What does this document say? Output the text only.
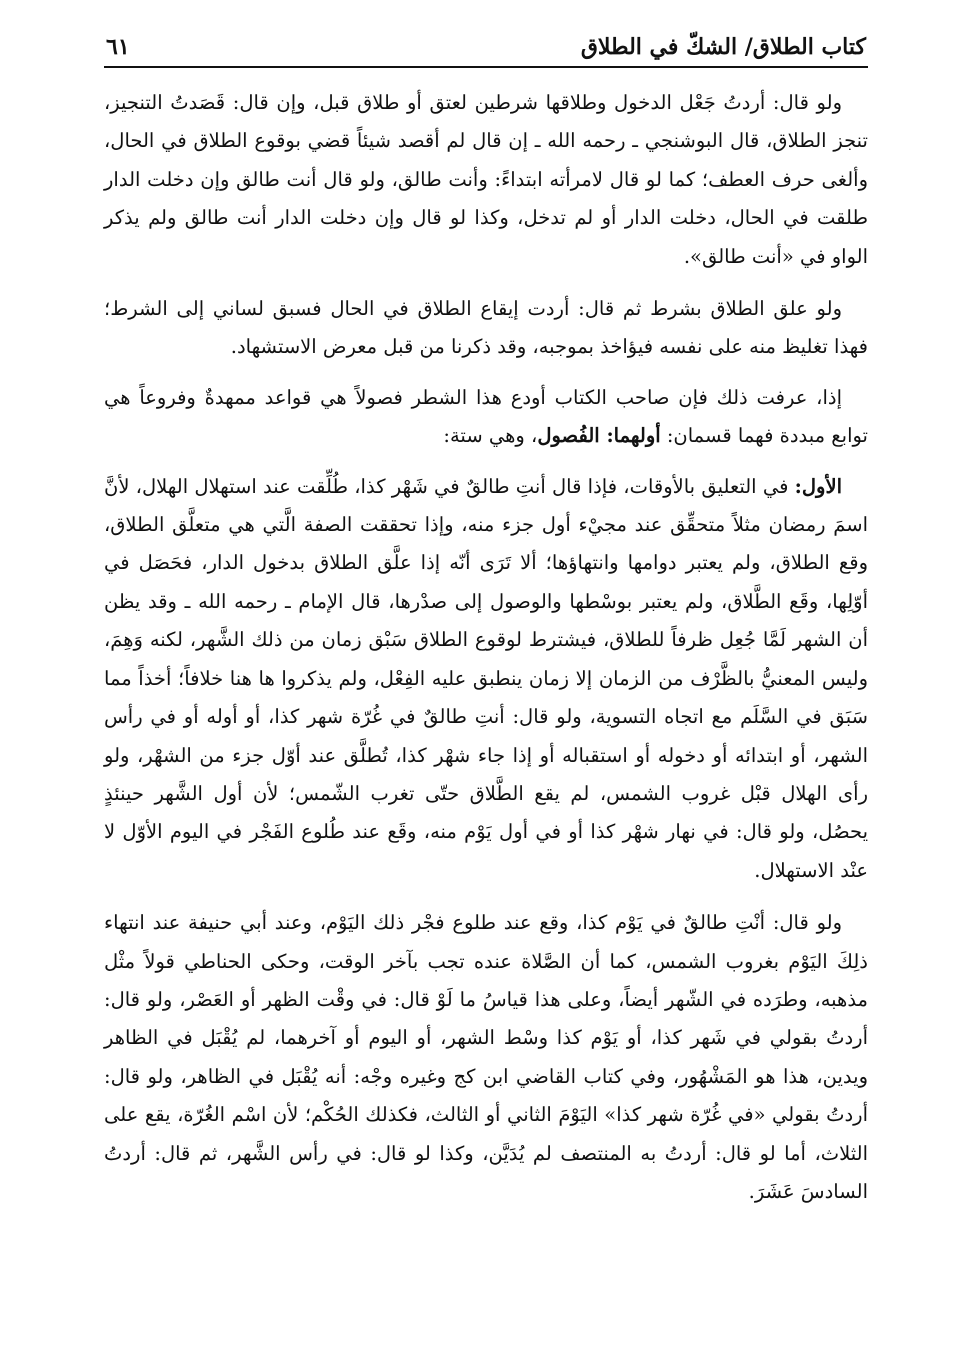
كتاب الطلاق/ الشكّ في الطلاق
٦١

ولو قال: أردتُ جَعْل الدخول وطلاقها شرطين لعتق أو طلاق قبل، وإن قال: قَصَدتُ التنجيز، تنجز الطلاق، قال البوشنجي ـ رحمه الله ـ إن قال لم أقصد شيئاً قضي بوقوع الطلاق في الحال، وألغى حرف العطف؛ كما لو قال لامرأته ابتداءً: وأنت طالق، ولو قال أنت طالق وإن دخلت الدار طلقت في الحال، دخلت الدار أو لم تدخل، وكذا لو قال وإن دخلت الدار أنت طالق ولم يذكر الواو في «أنت طالق».

ولو علق الطلاق بشرط ثم قال: أردت إيقاع الطلاق في الحال فسبق لساني إلى الشرط؛ فهذا تغليظ منه على نفسه فيؤاخذ بموجبه، وقد ذكرنا من قبل معرض الاستشهاد.

إذا، عرفت ذلك فإن صاحب الكتاب أودع هذا الشطر فصولاً هي قواعد ممهدةٌ وفروعاً هي توابع مبددة فهما قسمان: أولهما: الفُصول، وهي ستة:

الأول: في التعليق بالأوقات، فإذا قال أنتِ طالقٌ في شَهْر كذا، طُلِّقت عند استهلال الهلال، لأنَّ اسمَ رمضان مثلاً متحقِّق عند مجيْء أول جزء منه، وإذا تحققت الصفة الَّتي هي متعلَّق الطلاق، وقع الطلاق، ولم يعتبر دوامها وانتهاؤها؛ ألا تَرَى أنّه إذا علَّق الطلاق بدخول الدار، فحَصَل في أوّلِها، وقَع الطَّلاق، ولم يعتبر بوسْطها والوصول إلى صدْرها، قال الإمام ـ رحمه الله ـ وقد يظن أن الشهر لَمَّا جُعِل ظرفاً للطلاق، فيشترط لوقوع الطلاق سَبْق زمان من ذلك الشَّهر، لكنه وَهِمَ، وليس المعنيُّ بالظَّرْف من الزمان إلا زمان ينطبق عليه الفِعْل، ولم يذكروا ها هنا خلافاً؛ أخذاً مما سَبَق في السَّلَم مع اتجاه التسوية، ولو قال: أنتِ طالقٌ في غُرّة شهر كذا، أو أوله أو في رأس الشهر، أو ابتدائه أو دخوله أو استقباله أو إذا جاء شهْر كذا، تُطلَّق عند أوّل جزء من الشهْر، ولو رأى الهلال قبْل غروب الشمس، لم يقع الطَّلاق حتّى تغرب الشّمس؛ لأن أول الشَّهر حينئذٍ يحصُل، ولو قال: في نهار شهْر كذا أو في أول يَوْم منه، وقَع عند طُلوع الفَجْر في اليوم الأوّل لا عنْد الاستهلال.

ولو قال: أنْتِ طالقٌ في يَوْم كذا، وقع عند طلوع فجْر ذلك اليَوْم، وعند أبي حنيفة عند انتهاء ذلِكَ اليَوْم بغروب الشمس، كما أن الصَّلاة عنده تجب بآخر الوقت، وحكى الحناطي قولاً مثْل مذهبه، وطرَده في الشّهر أيضاً، وعلى هذا قياسُ ما لَوْ قال: في وقْت الظهر أو العَصْر، ولو قال: أردتُ بقولي في شَهر كذا، أو يَوْم كذا وسْط الشهر، أو اليوم أو آخرهما، لم يُقْبَل في الظاهر ويدين، هذا هو المَشْهُور، وفي كتاب القاضي ابن كج وغيره وجْه: أنه يُقْبَل في الظاهر، ولو قال: أردتُ بقولي «في غُرّة شهر كذا» اليَوْمَ الثاني أو الثالث، فكذلك الحُكْم؛ لأن اسْم الغُرّة، يقع على الثلاث، أما لو قال: أردتُ به المنتصف لم يُدَيَّن، وكذا لو قال: في رأس الشَّهر، ثم قال: أردتُ السادسَ عَشَرَ.
